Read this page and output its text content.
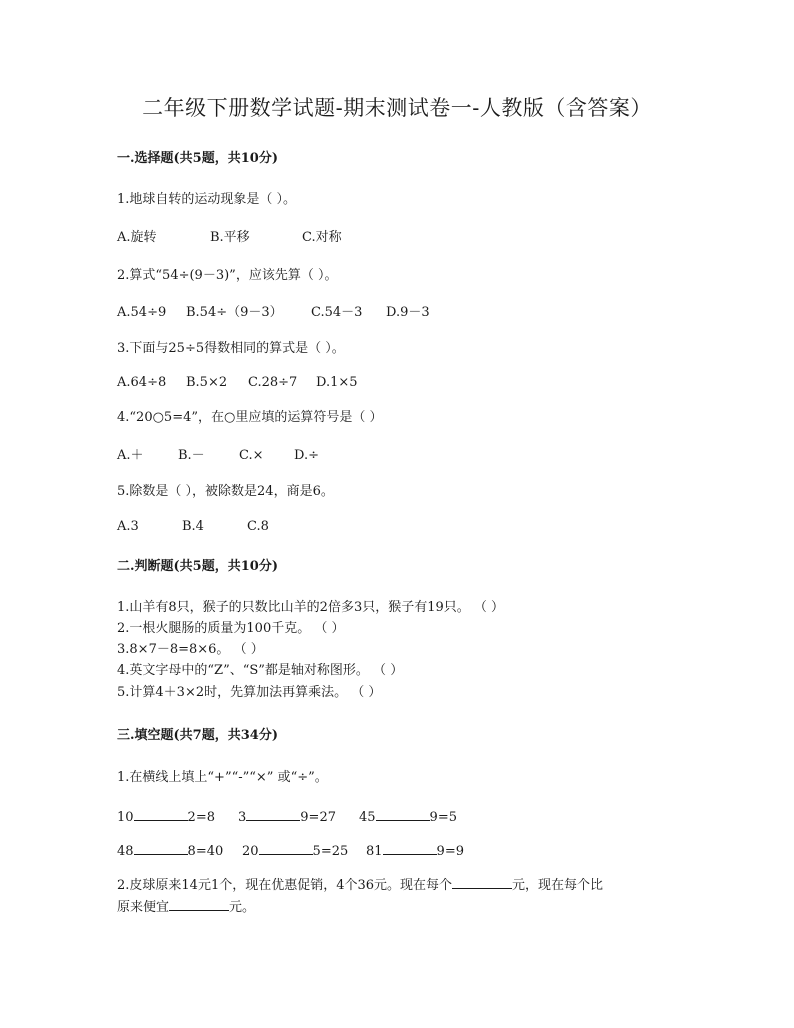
二年级下册数学试题-期末测试卷一-人教版（含答案）
一.选择题(共5题，共10分)
1.地球自转的运动现象是（ ）。
A.旋转	B.平移	C.对称
2.算式“54÷(9－3)”，应该先算（ ）。
A.54÷9 B.54÷（9－3） C.54－3 D.9－3
3.下面与25÷5得数相同的算式是（ ）。
A.64÷8 B.5×2 C.28÷7 D.1×5
4.“20○5=4”，在○里应填的运算符号是（ ）
A.＋	B.－	C.× D.÷
5.除数是（ ），被除数是24，商是6。
A.3	B.4	C.8
二.判断题(共5题，共10分)
1.山羊有8只，猴子的只数比山羊的2倍多3只，猴子有19只。 （ ）
2.一根火腿肠的质量为100千克。 （ ）
3.8×7－8=8×6。 （ ）
4.英文字母中的“Z”、“S”都是轴对称图形。 （ ）
5.计算4＋3×2时，先算加法再算乘法。 （ ）
三.填空题(共7题，共34分)
1.在横线上填上“+”“-”“×” 或“÷”。
10	2=8 3	9=27 45	9=5
48	8=40 20	5=25 81	9=9
2.皮球原来14元1个，现在优惠促销，4个36元。现在每个	元，现在每个比
原来便宜	元。
